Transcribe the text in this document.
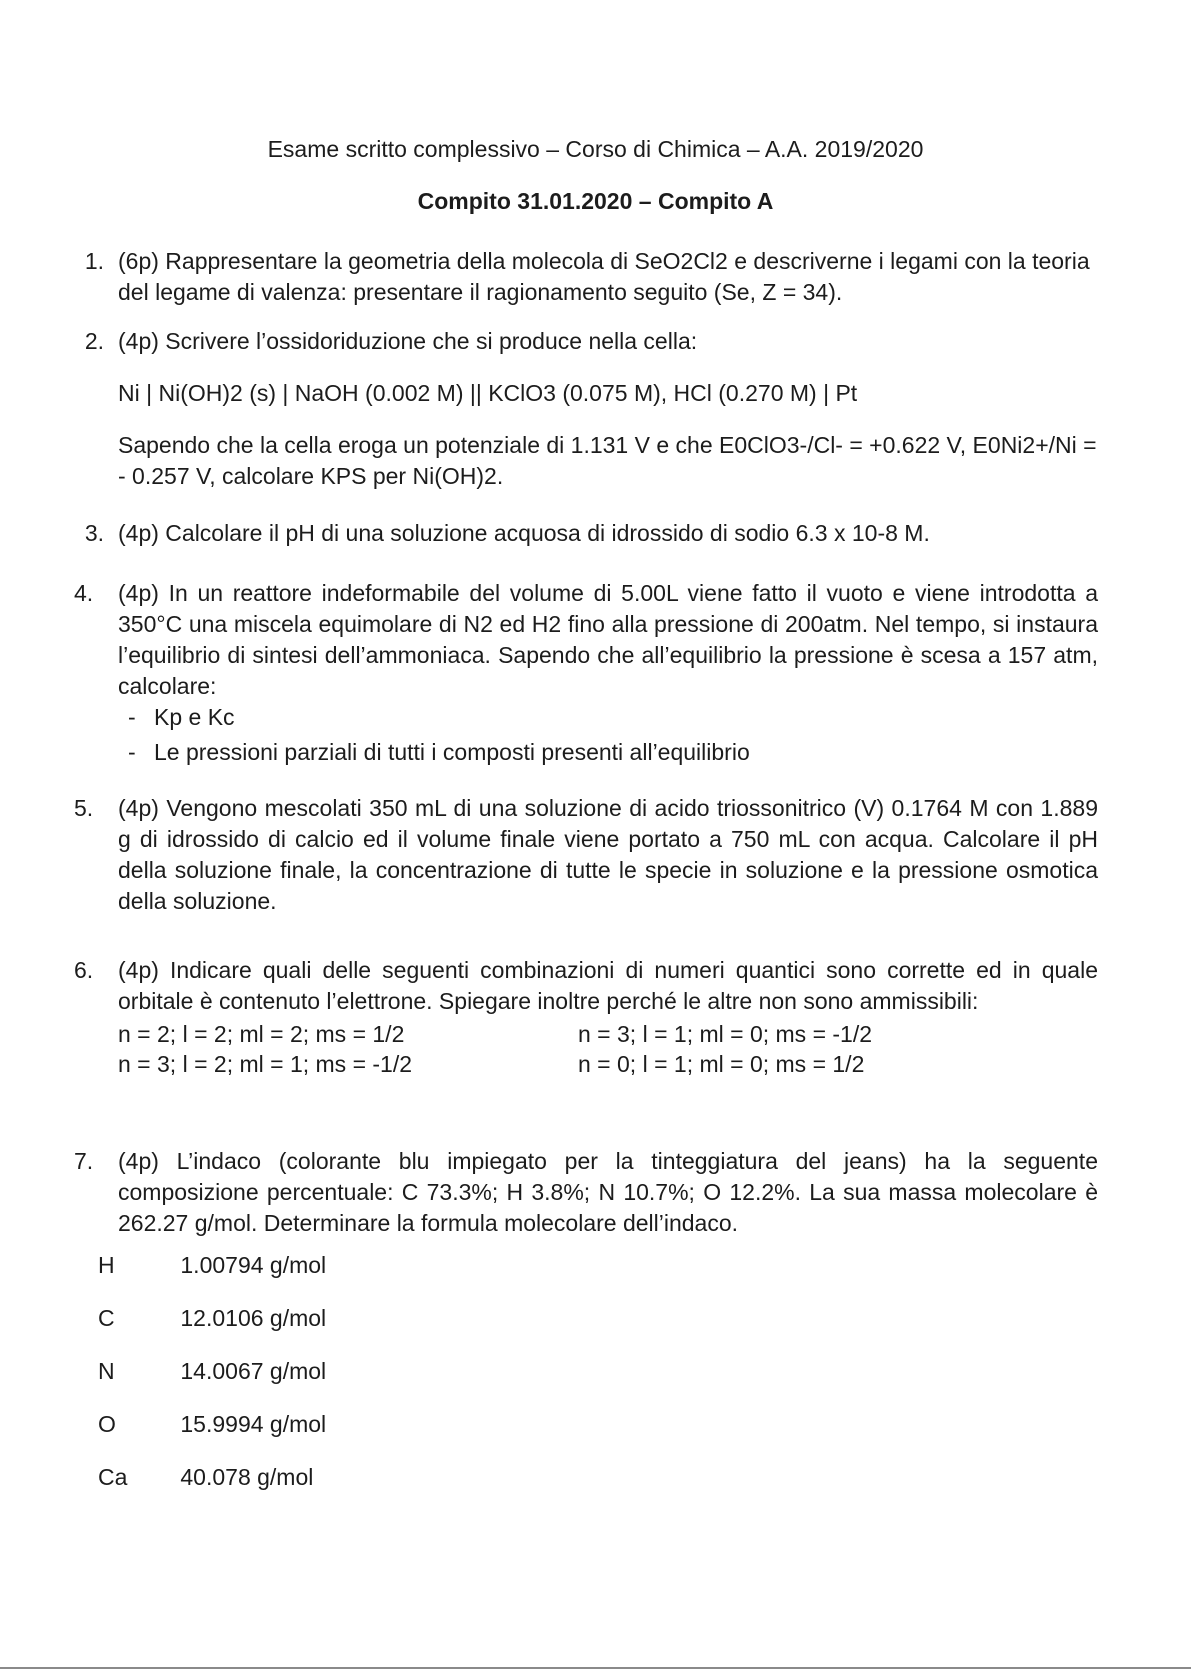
Esame scritto complessivo – Corso di Chimica – A.A. 2019/2020
Compito 31.01.2020 – Compito A
1. (6p) Rappresentare la geometria della molecola di SeO2Cl2 e descriverne i legami con la teoria del legame di valenza: presentare il ragionamento seguito (Se, Z = 34).

2. (4p) Scrivere l’ossidoriduzione che si produce nella cella:

Ni | Ni(OH)2 (s) | NaOH (0.002 M) || KClO3 (0.075 M), HCl (0.270 M) | Pt

Sapendo che la cella eroga un potenziale di 1.131 V e che E0ClO3-/Cl- = +0.622 V, E0Ni2+/Ni = - 0.257 V, calcolare KPS per Ni(OH)2.

3. (4p) Calcolare il pH di una soluzione acquosa di idrossido di sodio 6.3 x 10-8 M.

4.	(4p) In un reattore indeformabile del volume di 5.00L viene fatto il vuoto e viene introdotta a 350°C una miscela equimolare di N2 ed H2 fino alla pressione di 200atm. Nel tempo, si instaura l’equilibrio di sintesi dell’ammoniaca. Sapendo che all’equilibrio la pressione è scesa a 157 atm, calcolare:

- Kp e Kc
- Le pressioni parziali di tutti i composti presenti all’equilibrio
5.	(4p) Vengono mescolati 350 mL di una soluzione di acido triossonitrico (V) 0.1764 M con 1.889 g di idrossido di calcio ed il volume finale viene portato a 750 mL con acqua. Calcolare il pH della soluzione finale, la concentrazione di tutte le specie in soluzione e la pressione osmotica della soluzione.

6.	(4p) Indicare quali delle seguenti combinazioni di numeri quantici sono corrette ed in quale orbitale è contenuto l’elettrone. Spiegare inoltre perché le altre non sono ammissibili:

n = 2; l = 2; ml = 2; ms = 1/2	n = 3; l = 1; ml = 0; ms = -1/2
n = 3; l = 2; ml = 1; ms = -1/2	n = 0; l = 1; ml = 0; ms = 1/2
7.	(4p) L’indaco (colorante blu impiegato per la tinteggiatura del jeans) ha la seguente composizione percentuale: C 73.3%; H 3.8%; N 10.7%; O 12.2%. La sua massa molecolare è 262.27 g/mol. Determinare la formula molecolare dell’indaco.

H	1.00794 g/mol
C	12.0106 g/mol
N	14.0067 g/mol
O	15.9994 g/mol
Ca 40.078 g/mol
